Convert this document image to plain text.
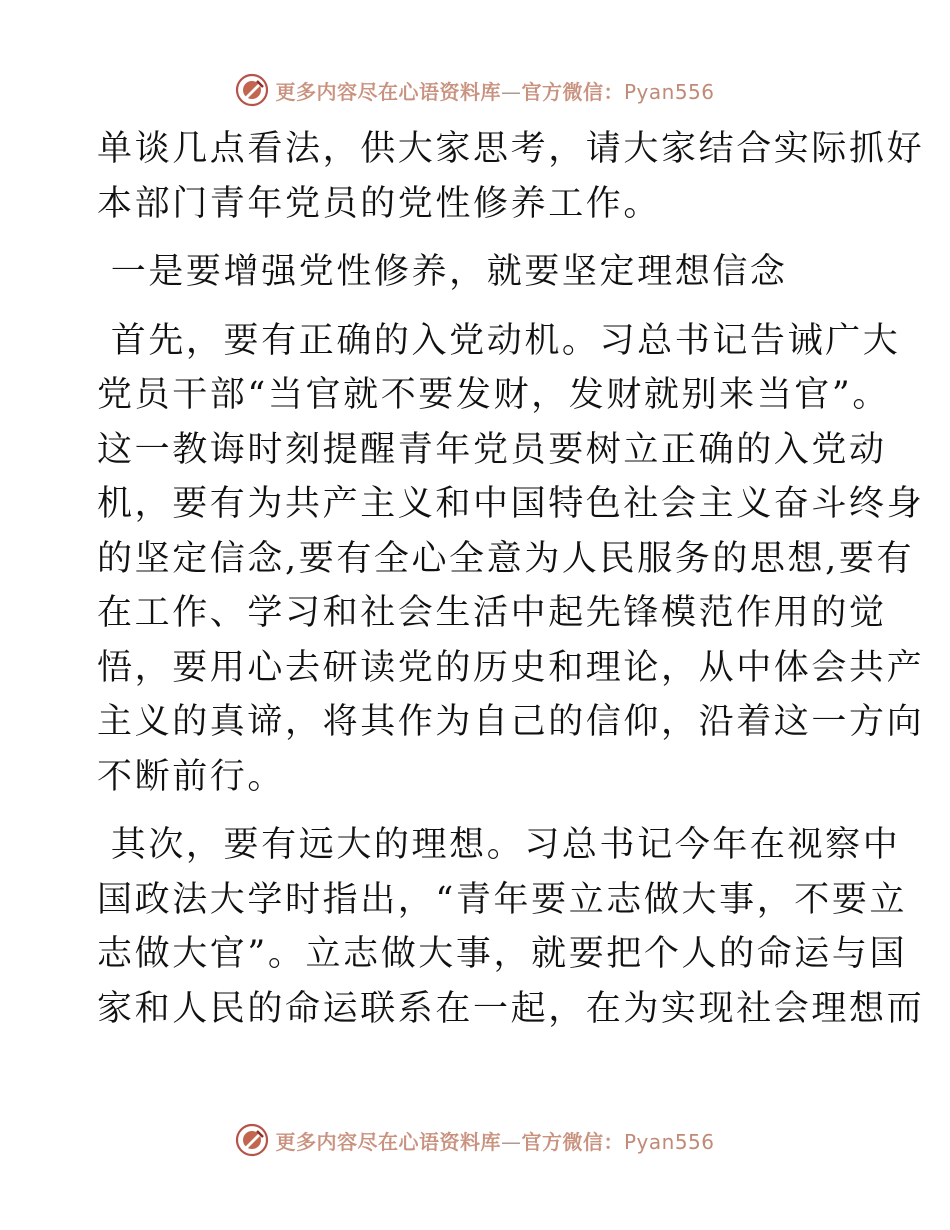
更多内容尽在心语资料库—官方微信：Pyan556

单谈几点看法，供大家思考，请大家结合实际抓好
本部门青年党员的党性修养工作。

一是要增强党性修养，就要坚定理想信念

首先，要有正确的入党动机。习总书记告诫广大
党员干部“当官就不要发财，发财就别来当官”。
这一教诲时刻提醒青年党员要树立正确的入党动
机，要有为共产主义和中国特色社会主义奋斗终身
的坚定信念,要有全心全意为人民服务的思想,要有
在工作、学习和社会生活中起先锋模范作用的觉
悟，要用心去研读党的历史和理论，从中体会共产
主义的真谛，将其作为自己的信仰，沿着这一方向
不断前行。

其次，要有远大的理想。习总书记今年在视察中
国政法大学时指出，“青年要立志做大事，不要立
志做大官”。立志做大事，就要把个人的命运与国
家和人民的命运联系在一起，在为实现社会理想而

更多内容尽在心语资料库—官方微信：Pyan556
